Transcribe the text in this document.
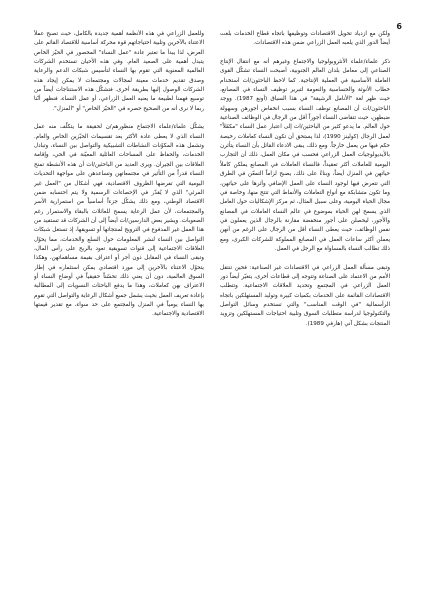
6

ولكن مع ازدياد تحويل الاقتصادات وتوظيفها باتجاه قطاع الخدمات بلغت أيضاً الدور الذي يلعبه العمل الزراعي ضمن هذه الاقتصادات.

ذكر علماء/علماء الأنثروبولوجيا والاجتماع وغيرهم أنه مع انتقال الإنتاج الصناعي إلى معامل بلدان العالم الجنوبية، أصبحت النساء تشكّل القوى العاملة الأساسية في العملية الإنتاجية. كما لاحظ الباحثون/ات استخدام خطاب الأنوثة والحساسية والنعومة لتبرير توظيف النساء في المصانع، حيث ظهر لغة "الأنامل الرشيقة" في هذا السياق (أونغ 1987). ووجد الباحثون/ات أن المصانع توظف النساء بسبب انخفاض أجورهن وسهولة ضبطهن، حيث تتقاضى النساء أجوراً أقل من الرجال في الوظائف الصناعية حول العالم. ما يدعو كثير من الباحثين/ات إلى اعتبار عمل النساء "مكمّلاً" لعمل الرجال (كولينز 1990)، لذا يستحق أن تكون النساء كعاملات رخيصة حكم فيها من يعمل خارجاً. ومع ذلك، يبقى الادعاء القائل بأن النساء يتأثرن بالأيديولوجيات العمل الزراعي فحسب في مكان العمل، ذلك أن التجارب اليومية للعاملات أكثر تعقيداً، فالنساء العاملات في المصانع يملكن كاملاً حياتهن في المنزل أيضاً، وبناءً على ذلك، يصبح لزاماً التمعّن في الطرق التي تتعرض فيها لوجود النساء على العمل الإضافي وأثرها على حياتهن، وما تكون متشابكة مع أنواع التعاملات والأنماط التي تتتج منها، وخاصة في مجال الحياة اليومية، وعلى سبيل المثال، ثم مركز الإشكاليات حول العامل الذي يسمح لهن الحياة بموضوع في عالم النساء العاملات في المصانع والأجور، ليحصلن على أجور منخفضة مقارنة بالرجال الذين يعملون في نفس الوظائف، حيث يعطى النساء أقل من الرجال على الرغم من أنهن يعملن أكثر ساعات العمل في المصانع المملوكة للشركات الكبرى، ومع ذلك تطالب النساء بالمساواة مع الرجل في العمل.

وتبقى مسألة العمل الزراعي في الاقتصادات غير الصناعية: فحين تنتقل الأمم من الاعتماد على الصناعة وتتوجه إلى قطاعات أخرى، يتغيّر أيضاً دور العمل الزراعي في المجتمع وتحديد العلاقات الاجتماعية. وتتطلب الاقتصادات القائمة على الخدمات بكميات كبيرة وتوليد المستهلكين باتجاه الرأسمالية "في الوقت المناسب" والتي تستخدم وسائل التواصل والتكنولوجيا لدراسة متطلبات السوق وتلبية احتياجات المستهلكين وتزويد المنتجات بشكل آني (هارفي 1989).

وللعمل الزراعي في هذه الأنظمة أهمية جديدة بالكامل، حيث تصبح عملاً الاعتناء بالآخرين وتلبية احتياجاتهم قوة محركة أساسية للاقتصاد القائم على العرض، لذا يبدأ ما تعتبر عادة "عمل النساء" المحصور في الحيّز الخاص يتبدل أهمية على الصعيد العام. وفي هذه الأحيان تستخدم الشركات العالمية المعنوية التي تقوم بها النساء لتأسيس شبكات الدعم والرعاية وصدق تقديم خدمات معينة لمجالات ومجتمعات لا يمكن إيجاد هذه الشركات الوصول إليها بطريقة أخرى. فتشكّل هذه الاستنتاجات أيضاً من توسيع فهمنا لطبيعة ما يعنيه العمل الزراعي، أو عمل النساء، فنظهر أنّنا ربما لا نرى أنه من الصحيح حصره في "الحيّز الخاص" أو "المنزل".

يشكّل علماء/علماء الاجتماع منظورهم/ن لحقيقة ما يتكلّف منه عمل النساء الذي لا يعطى عادة الأكثر بعد تقسيمات الحيّزين الخاص والعام. وتشمل هذه المكوّنات النشاطات التشبيكية والتواصل بين النساء، وتبادل الخدمات، والحفاظ على المساحات العائلية المعيّنة في الحي، وإقامة العلاقات بين الجيران. ويرى العديد من الباحثين/ات أن هذه الأنشطة تمنح النساء قدراً من التأثير في مجتمعاتهن وتساعدهن على مواجهة التحديات اليومية التي تفرضها الظروف الاقتصادية، فهي أشكال من "العمل غير المرئي" الذي لا يُقدّر في الإحصاءات الرسمية ولا يتم احتسابه ضمن الاقتصاد الوطني، ومع ذلك يشكّل جزءاً أساسياً من استمرارية الأسر والمجتمعات، لأن عمل الرعاية يسمح للعائلات بالبقاء والاستمرار رغم الصعوبات. ويشير بعض الدارسين/ات أيضاً إلى أن الشركات قد تستفيد من هذا العمل غير المدفوع في الترويج لمنتجاتها أو تسويقها، إذ تستغل شبكات التواصل بين النساء لنشر المعلومات حول السلع والخدمات، مما يحوّل العلاقات الاجتماعية إلى قنوات تسويقية تعود بالربح على رأس المال، وتبقى النساء في المقابل دون أجر أو اعتراف بقيمة مساهماتهن، وهكذا يتحوّل الاعتناء بالآخرين إلى مورد اقتصادي يمكن استثماره في إطار السوق العالمية، دون أن يعني ذلك تحسّناً حقيقياً في أوضاع النساء أو الاعتراف بهن كعاملات، وهذا ما يدفع الباحثات النسويات إلى المطالبة بإعادة تعريف العمل بحيث يشمل جميع أشكال الرعاية والتواصل التي تقوم بها النساء يومياً في المنزل والمجتمع على حد سواء، مع تقدير قيمتها الاقتصادية والاجتماعية.
